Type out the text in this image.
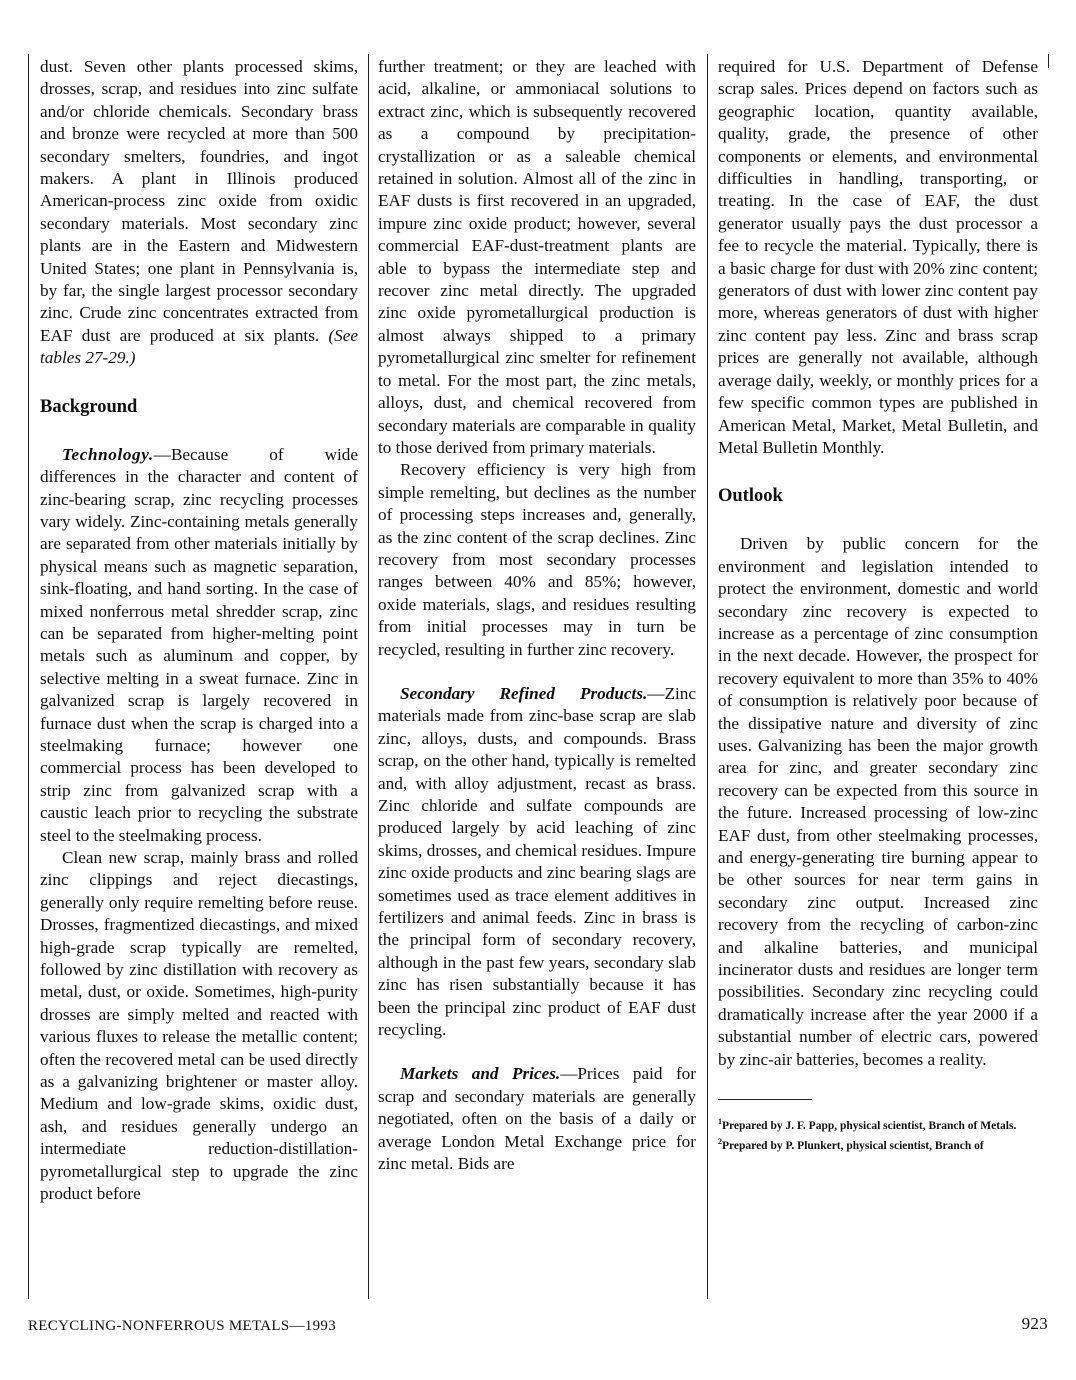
dust. Seven other plants processed skims, drosses, scrap, and residues into zinc sulfate and/or chloride chemicals. Secondary brass and bronze were recycled at more than 500 secondary smelters, foundries, and ingot makers. A plant in Illinois produced American-process zinc oxide from oxidic secondary materials. Most secondary zinc plants are in the Eastern and Midwestern United States; one plant in Pennsylvania is, by far, the single largest processor secondary zinc. Crude zinc concentrates extracted from EAF dust are produced at six plants. (See tables 27-29.)

Background

Technology.—Because of wide differences in the character and content of zinc-bearing scrap, zinc recycling processes vary widely. Zinc-containing metals generally are separated from other materials initially by physical means such as magnetic separation, sink-floating, and hand sorting. In the case of mixed nonferrous metal shredder scrap, zinc can be separated from higher-melting point metals such as aluminum and copper, by selective melting in a sweat furnace. Zinc in galvanized scrap is largely recovered in furnace dust when the scrap is charged into a steelmaking furnace; however one commercial process has been developed to strip zinc from galvanized scrap with a caustic leach prior to recycling the substrate steel to the steelmaking process.

Clean new scrap, mainly brass and rolled zinc clippings and reject diecastings, generally only require remelting before reuse. Drosses, fragmentized diecastings, and mixed high-grade scrap typically are remelted, followed by zinc distillation with recovery as metal, dust, or oxide. Sometimes, high-purity drosses are simply melted and reacted with various fluxes to release the metallic content; often the recovered metal can be used directly as a galvanizing brightener or master alloy. Medium and low-grade skims, oxidic dust, ash, and residues generally undergo an intermediate reduction-distillation-pyrometallurgical step to upgrade the zinc product before

further treatment; or they are leached with acid, alkaline, or ammoniacal solutions to extract zinc, which is subsequently recovered as a compound by precipitation-crystallization or as a saleable chemical retained in solution. Almost all of the zinc in EAF dusts is first recovered in an upgraded, impure zinc oxide product; however, several commercial EAF-dust-treatment plants are able to bypass the intermediate step and recover zinc metal directly. The upgraded zinc oxide pyrometallurgical production is almost always shipped to a primary pyrometallurgical zinc smelter for refinement to metal. For the most part, the zinc metals, alloys, dust, and chemical recovered from secondary materials are comparable in quality to those derived from primary materials.

Recovery efficiency is very high from simple remelting, but declines as the number of processing steps increases and, generally, as the zinc content of the scrap declines. Zinc recovery from most secondary processes ranges between 40% and 85%; however, oxide materials, slags, and residues resulting from initial processes may in turn be recycled, resulting in further zinc recovery.

Secondary Refined Products.—Zinc materials made from zinc-base scrap are slab zinc, alloys, dusts, and compounds. Brass scrap, on the other hand, typically is remelted and, with alloy adjustment, recast as brass. Zinc chloride and sulfate compounds are produced largely by acid leaching of zinc skims, drosses, and chemical residues. Impure zinc oxide products and zinc bearing slags are sometimes used as trace element additives in fertilizers and animal feeds. Zinc in brass is the principal form of secondary recovery, although in the past few years, secondary slab zinc has risen substantially because it has been the principal zinc product of EAF dust recycling.

Markets and Prices.—Prices paid for scrap and secondary materials are generally negotiated, often on the basis of a daily or average London Metal Exchange price for zinc metal. Bids are

required for U.S. Department of Defense scrap sales. Prices depend on factors such as geographic location, quantity available, quality, grade, the presence of other components or elements, and environmental difficulties in handling, transporting, or treating. In the case of EAF, the dust generator usually pays the dust processor a fee to recycle the material. Typically, there is a basic charge for dust with 20% zinc content; generators of dust with lower zinc content pay more, whereas generators of dust with higher zinc content pay less. Zinc and brass scrap prices are generally not available, although average daily, weekly, or monthly prices for a few specific common types are published in American Metal, Market, Metal Bulletin, and Metal Bulletin Monthly.

Outlook

Driven by public concern for the environment and legislation intended to protect the environment, domestic and world secondary zinc recovery is expected to increase as a percentage of zinc consumption in the next decade. However, the prospect for recovery equivalent to more than 35% to 40% of consumption is relatively poor because of the dissipative nature and diversity of zinc uses. Galvanizing has been the major growth area for zinc, and greater secondary zinc recovery can be expected from this source in the future. Increased processing of low-zinc EAF dust, from other steelmaking processes, and energy-generating tire burning appear to be other sources for near term gains in secondary zinc output. Increased zinc recovery from the recycling of carbon-zinc and alkaline batteries, and municipal incinerator dusts and residues are longer term possibilities. Secondary zinc recycling could dramatically increase after the year 2000 if a substantial number of electric cars, powered by zinc-air batteries, becomes a reality.

$^1$Prepared by J. F. Papp, physical scientist, Branch of Metals.

$^2$Prepared by P. Plunkert, physical scientist, Branch of

RECYCLING-NONFERROUS METALS—1993	923
